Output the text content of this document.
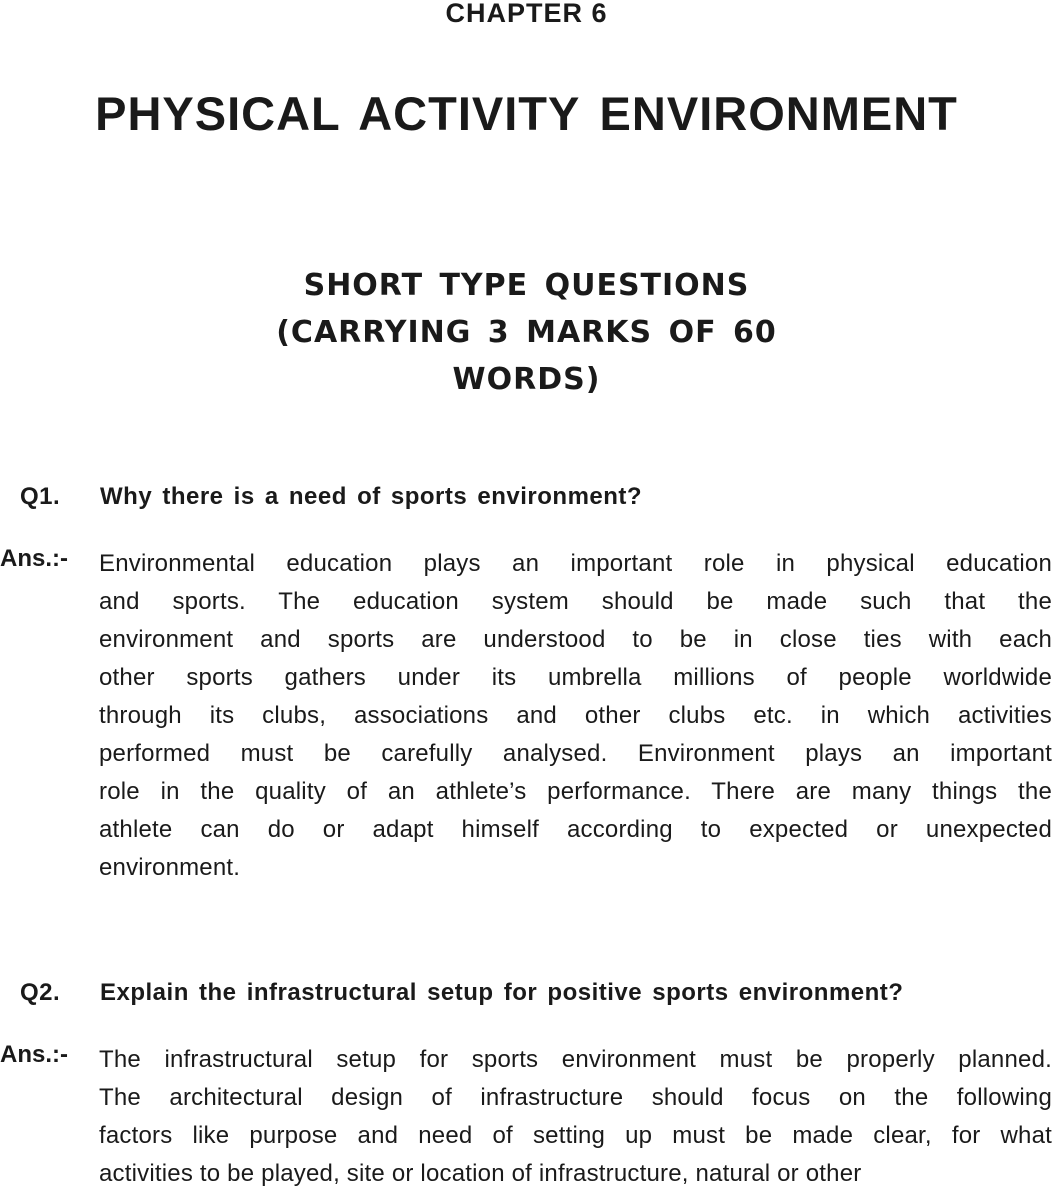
CHAPTER 6
PHYSICAL ACTIVITY ENVIRONMENT
SHORT TYPE QUESTIONS
(CARRYING 3 MARKS OF 60
WORDS)
Q1. Why there is a need of sports environment?
Ans.:- Environmental education plays an important role in physical education
and sports. The education system should be made such that the
environment and sports are understood to be in close ties with each
other sports gathers under its umbrella millions of people worldwide
through its clubs, associations and other clubs etc. in which activities
performed must be carefully analysed. Environment plays an important
role in the quality of an athlete’s performance. There are many things the
athlete can do or adapt himself according to expected or unexpected
environment.
Q2. Explain the infrastructural setup for positive sports environment?
Ans.:- The infrastructural setup for sports environment must be properly planned.
The architectural design of infrastructure should focus on the following
factors like purpose and need of setting up must be made clear, for what
activities to be played, site or location of infrastructure, natural or other
